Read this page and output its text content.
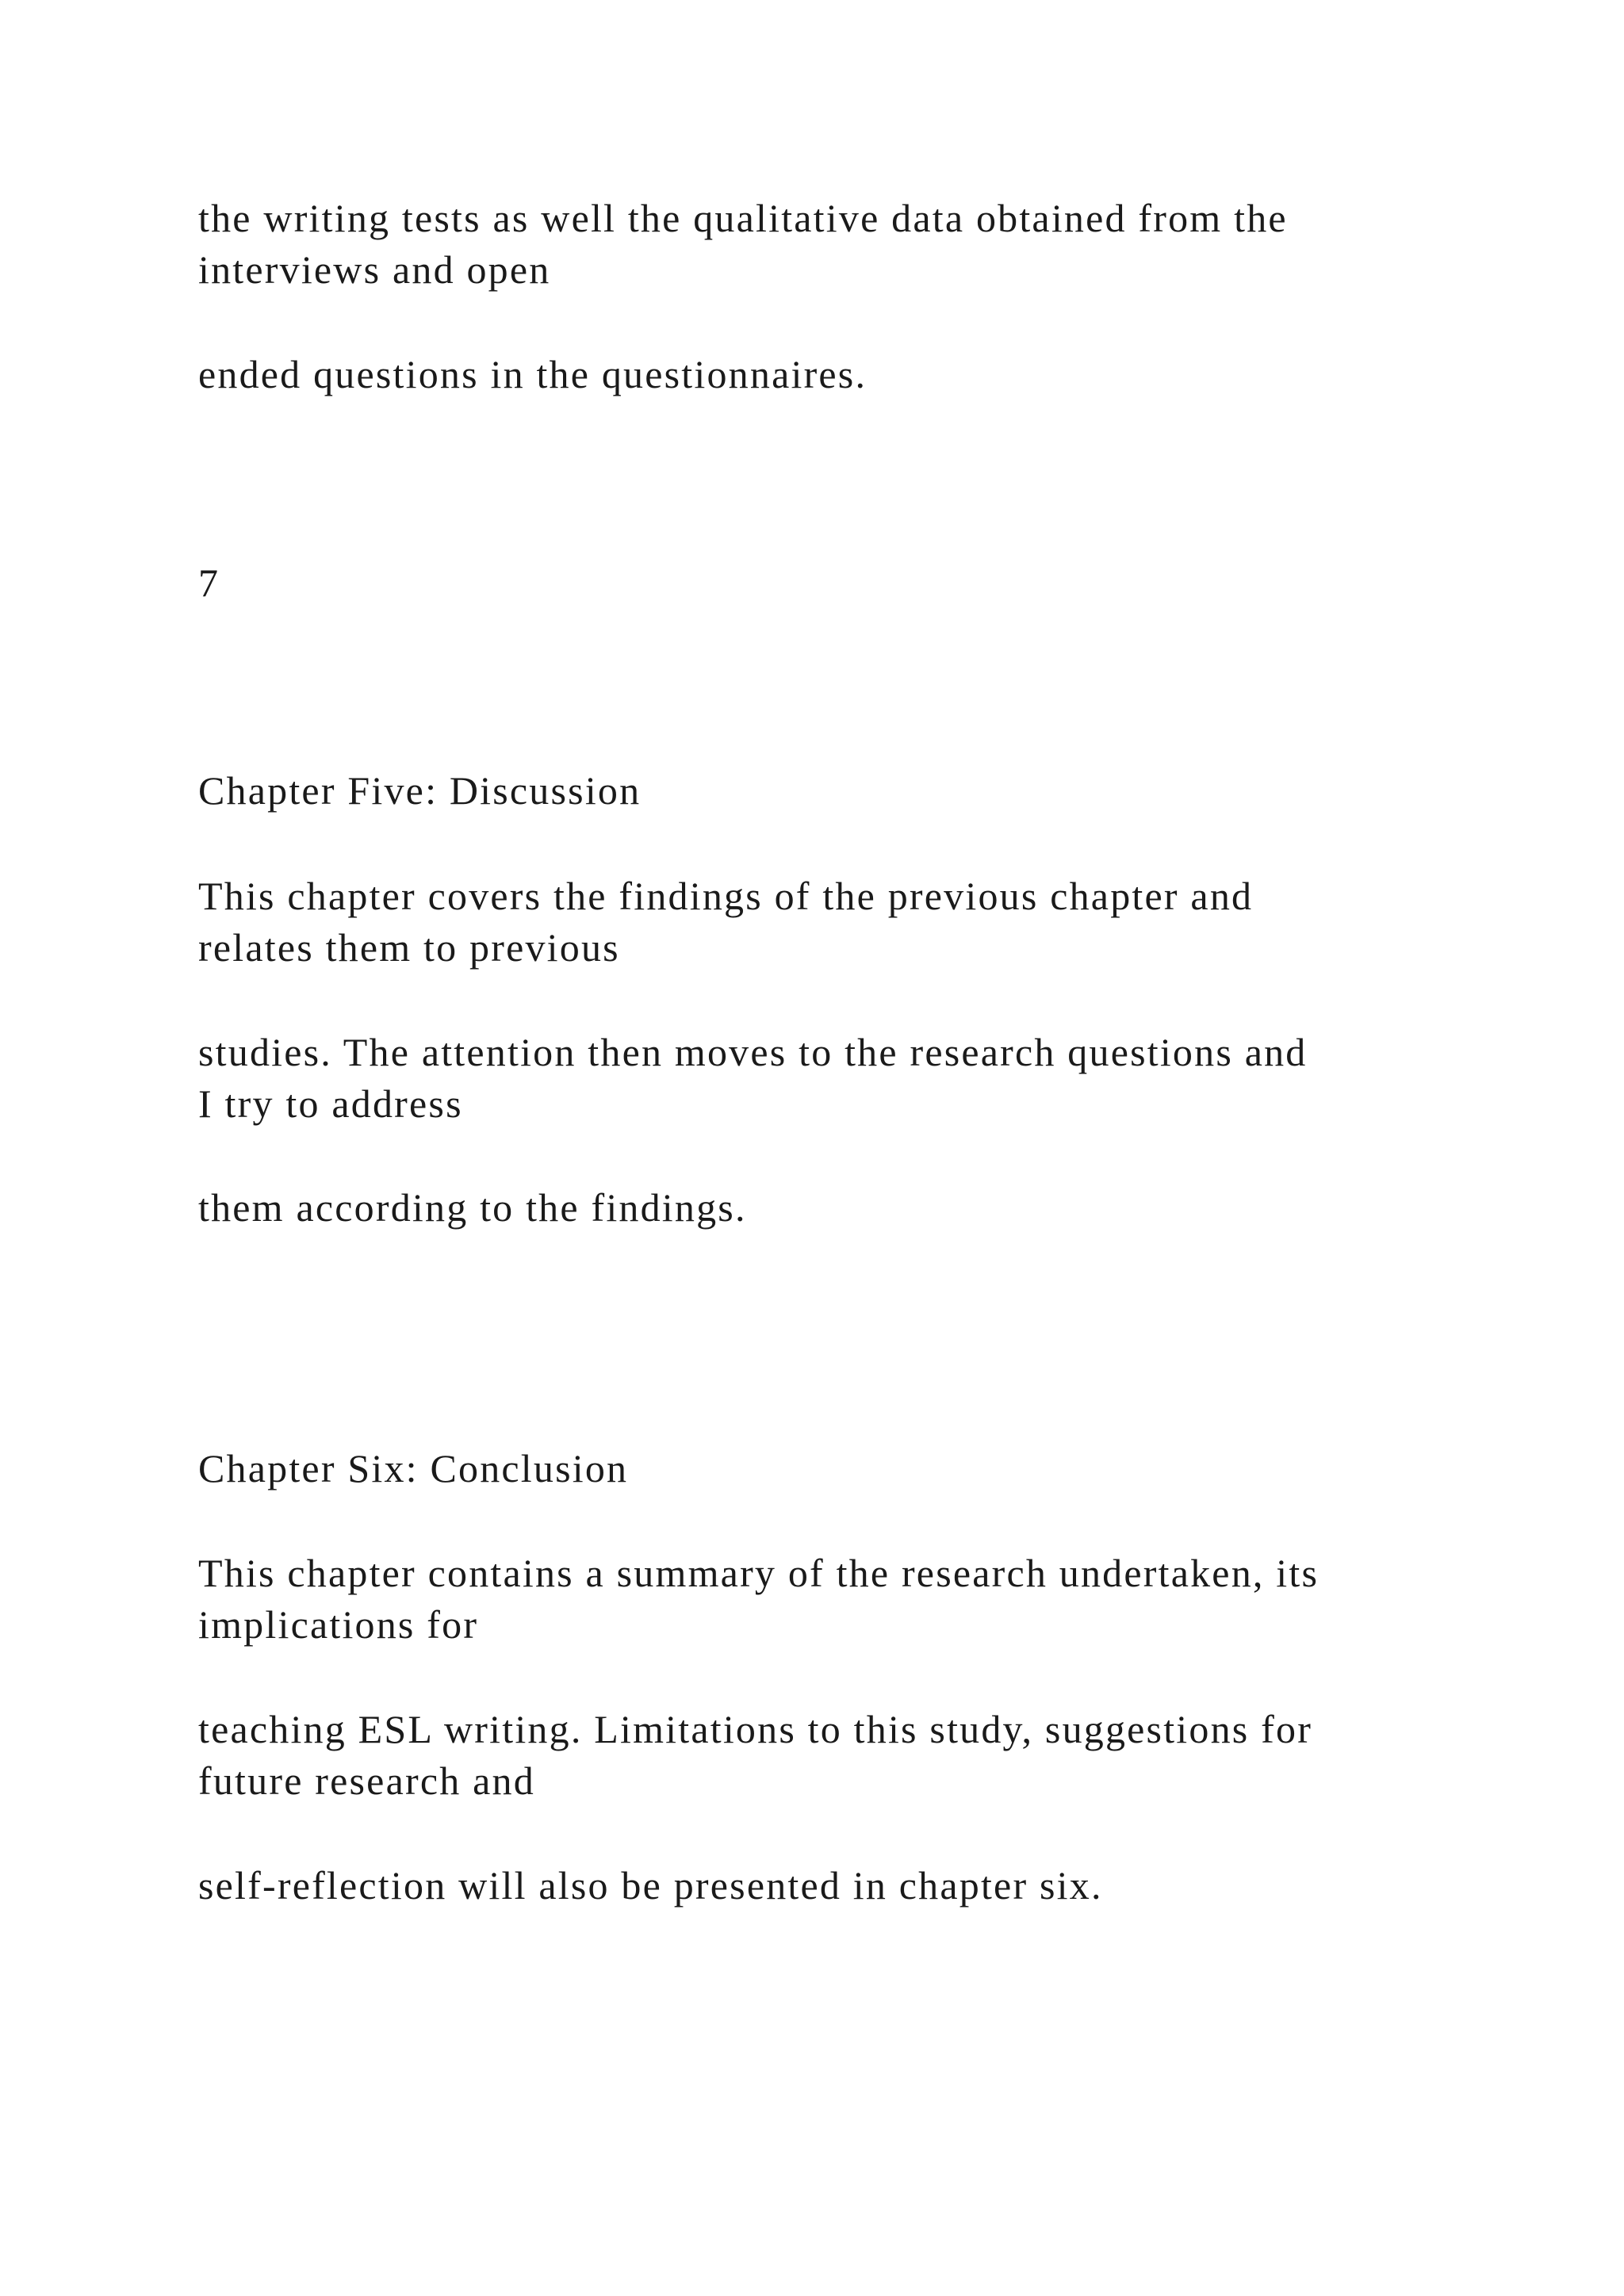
the writing tests as well the qualitative data obtained from the

interviews and open

ended questions in the questionnaires.

7

Chapter Five: Discussion

This chapter covers the findings of the previous chapter and

relates them to previous

studies. The attention then moves to the research questions and

I try to address

them according to the findings.

Chapter Six: Conclusion

This chapter contains a summary of the research undertaken, its

implications for

teaching ESL writing. Limitations to this study, suggestions for

future research and

self-reflection will also be presented in chapter six.
